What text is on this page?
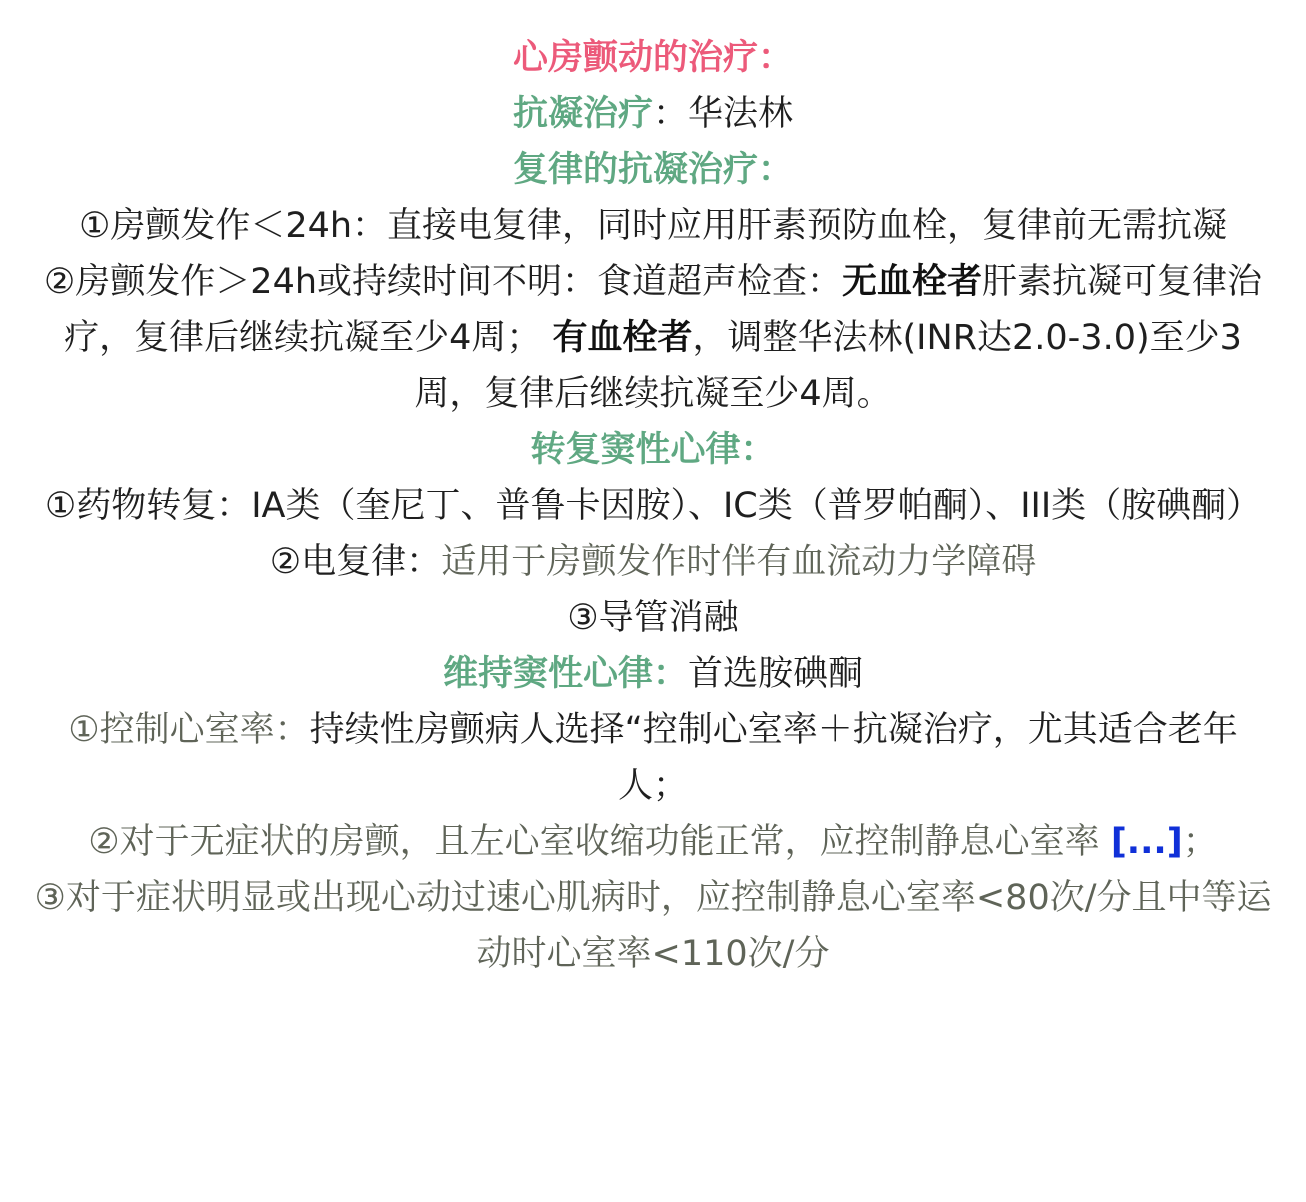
心房颤动的治疗：
抗凝治疗：华法林
复律的抗凝治疗：
①房颤发作＜24h：直接电复律，同时应用肝素预防血栓，复律前无需抗凝
②房颤发作＞24h或持续时间不明：食道超声检查：无血栓者肝素抗凝可复律治疗，复律后继续抗凝至少4周； 有血栓者，调整华法林(INR达2.0-3.0)至少3周，复律后继续抗凝至少4周。
转复窦性心律：
①药物转复：IA类（奎尼丁、普鲁卡因胺）、IC类（普罗帕酮）、III类（胺碘酮）
②电复律：适用于房颤发作时伴有血流动力学障碍
③导管消融
维持窦性心律：首选胺碘酮
①控制心室率：持续性房颤病人选择“控制心室率＋抗凝治疗，尤其适合老年人；
②对于无症状的房颤，且左心室收缩功能正常，应控制静息心室率 [...]；
③对于症状明显或出现心动过速心肌病时，应控制静息心室率<80次/分且中等运动时心室率<110次/分
